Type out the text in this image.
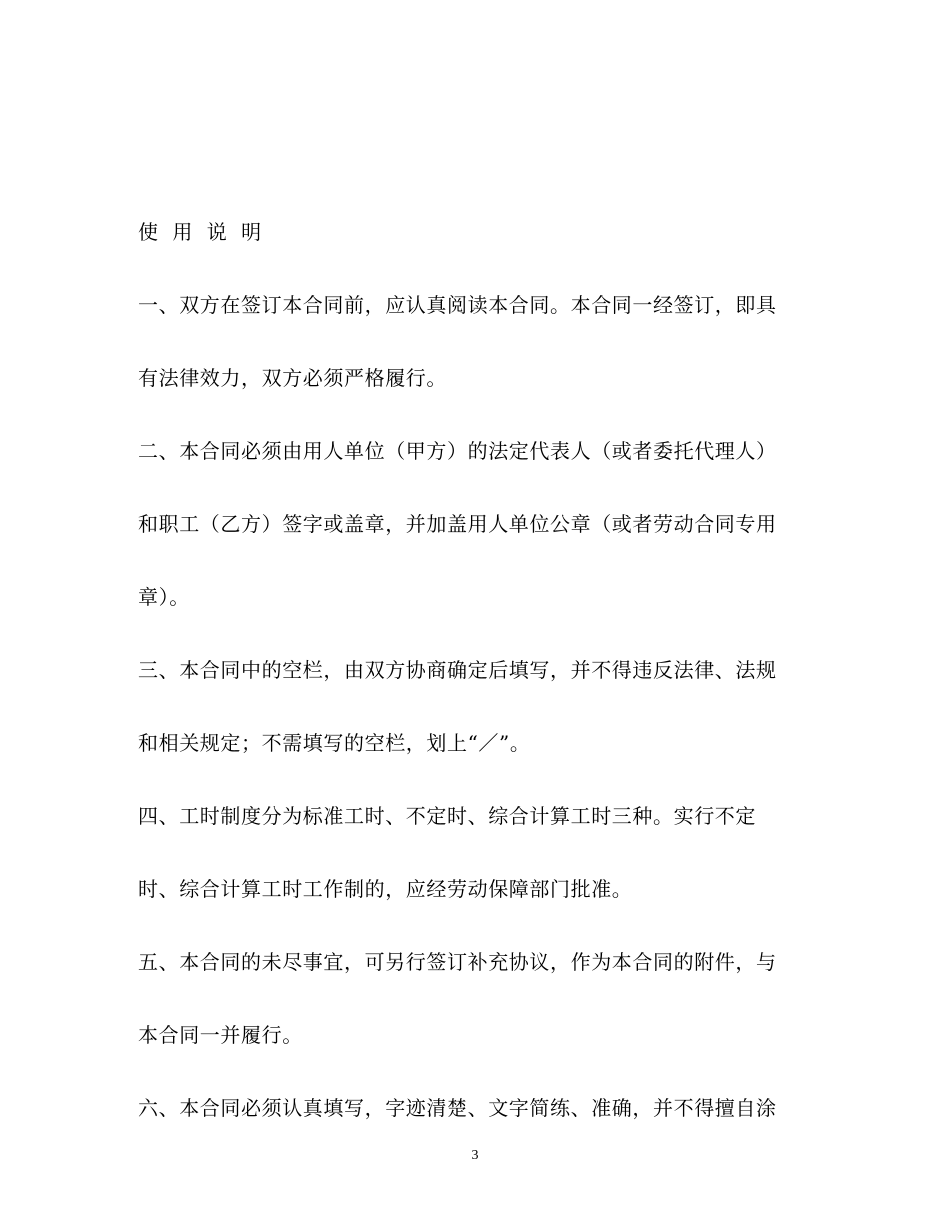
使 用 说 明
一、双方在签订本合同前，应认真阅读本合同。本合同一经签订，即具
有法律效力，双方必须严格履行。
二、本合同必须由用人单位（甲方）的法定代表人（或者委托代理人）
和职工（乙方）签字或盖章，并加盖用人单位公章（或者劳动合同专用
章）。
三、本合同中的空栏，由双方协商确定后填写，并不得违反法律、法规
和相关规定；不需填写的空栏，划上“／”。
四、工时制度分为标准工时、不定时、综合计算工时三种。实行不定
时、综合计算工时工作制的，应经劳动保障部门批准。
五、本合同的未尽事宜，可另行签订补充协议，作为本合同的附件，与
本合同一并履行。
六、本合同必须认真填写，字迹清楚、文字简练、准确，并不得擅自涂
3
